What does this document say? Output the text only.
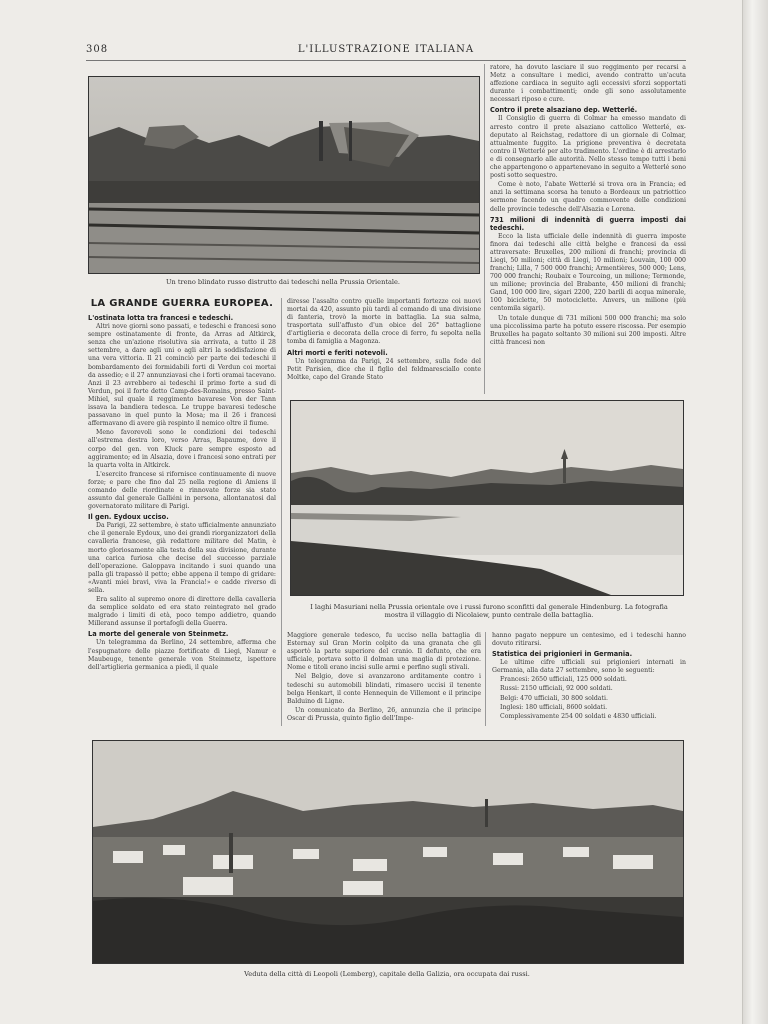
308	L'ILLUSTRAZIONE ITALIANA
Un treno blindato russo distrutto dai tedeschi nella Prussia Orientale.

ratore, ha dovuto lasciare il suo reggimento per recarsi a Metz a consultare i medici, avendo contratto un'acuta affezione cardiaca in seguito agli eccessivi sforzi sopportati durante i combattimenti; onde gli sono assolutamente necessari riposo e cure.

Contro il prete alsaziano dep. Wetterlé.

Il Consiglio di guerra di Colmar ha emesso mandato di arresto contro il prete alsaziano cattolico Wetterlé, ex-deputato al Reichstag, redattore di un giornale di Colmar, attualmente fuggito. La prigione preventiva è decretata contro il Wetterlé per alto tradimento. L'ordine è di arrestarlo e di consegnarlo alle autorità. Nello stesso tempo tutti i beni che appartengono o appartenevano in seguito a Wetterlé sono posti sotto sequestro.

Come è noto, l'abate Wetterlé si trova ora in Francia; ed anzi la settimana scorsa ha tenuto a Bordeaux un patriottico sermone facendo un quadro commovente delle condizioni delle provincie tedesche dell'Alsazia e Lorena.

731 milioni di indennità di guerra imposti dai tedeschi.

Ecco la lista ufficiale delle indennità di guerra imposte finora dai tedeschi alle città belghe e francesi da essi attraversate: Bruxelles, 200 milioni di franchi; provincia di Liegi, 50 milioni; città di Liegi, 10 milioni; Louvain, 100 000 franchi; Lilla, 7 500 000 franchi; Armentières, 500 000; Lens, 700 000 franchi; Roubaix e Tourcoing, un milione; Termonde, un milione; provincia del Brabante, 450 milioni di franchi; Gand, 100 000 lire, sigari 2200, 220 barili di acqua minerale, 100 biciclette, 50 motociclette. Anvers, un milione (più centomila sigari).

Un totale dunque di 731 milioni 500 000 franchi; ma solo una piccolissima parte ha potuto essere riscossa. Per esempio Bruxelles ha pagato soltanto 30 milioni sui 200 imposti. Altre città francesi non

LA GRANDE GUERRA EUROPEA.
L'ostinata lotta tra francesi e tedeschi.

Altri nove giorni sono passati, e tedeschi e francesi sono sempre ostinatamente di fronte, da Arras ad Altkirck, senza che un'azione risolutiva sia arrivata, a tutto il 28 settembre, a dare agli uni o agli altri la soddisfazione di una vera vittoria. Il 21 cominciò per parte dei tedeschi il bombardamento dei formidabili forti di Verdun coi mortai da assedio; e il 27 annunziavasi che i forti oramai tacevano. Anzi il 23 avrebbero ai tedeschi il primo forte a sud di Verdun, poi il forte detto Camp-des-Romains, presso Saint-Mihiel, sul quale il reggimento bavarese Von der Tann issava la bandiera tedesca. Le truppe bavaresi tedesche passavano in quel punto la Mosa; ma il 26 i francesi affermavano di avere già respinto il nemico oltre il fiume.

Meno favorevoli sono le condizioni dei tedeschi all'estrema destra loro, verso Arras, Bapaume, dove il corpo del gen. von Kluck pare sempre esposto ad aggiramento; ed in Alsazia, dove i francesi sono entrati per la quarta volta in Altkirck.

L'esercito francese si rifornisce continuamente di nuove forze; e pare che fino dal 25 nella regione di Amiens il comando delle riordinate e rinnovate forze sia stato assunto dal generale Galliéni in persona, allontanatosi dal governatorato militare di Parigi.

Il gen. Eydoux ucciso.

Da Parigi, 22 settembre, è stato ufficialmente annunziato che il generale Eydoux, uno dei grandi riorganizzatori della cavalleria francese, già redattore militare del Matin, è morto gloriosamente alla testa della sua divisione, durante una carica furiosa che decise del successo parziale dell'operazione. Galoppava incitando i suoi quando una palla gli trapassò il petto; ebbe appena il tempo di gridare: «Avanti miei bravi, viva la Francia!» e cadde riverso di sella.

Era salito al supremo onore di direttore della cavalleria da semplice soldato ed era stato reintegrato nel grado malgrado i limiti di età, poco tempo addietro, quando Millerand assunse il portafogli della Guerra.

La morte del generale von Steinmetz.

Un telegramma da Berlino, 24 settembre, afferma che l'espugnatore delle piazze fortificate di Liegi, Namur e Maubeuge, tenente generale von Steinmetz, ispettore dell'artiglieria germanica a piedi, il quale

diresse l'assalto contro quelle importanti fortezze coi nuovi mortai da 420, assunto più tardi al comando di una divisione di fanteria, trovò la morte in battaglia. La sua salma, trasportata sull'affusto d'un obice del 26° battaglione d'artiglieria e decorata della croce di ferro, fu sepolta nella tomba di famiglia a Magonza.

Altri morti e feriti notevoli.

Un telegramma da Parigi, 24 settembre, sulla fede del Petit Parisien, dice che il figlio del feldmaresciallo conte Moltke, capo del Grande Stato

I laghi Masuriani nella Prussia orientale ove i russi furono sconfitti dal generale Hindenburg. La fotografia mostra il villaggio di Nicolaiew, punto centrale della battaglia.

Maggiore generale tedesco, fu ucciso nella battaglia di Esternay sul Gran Morin colpito da una granata che gli asportò la parte superiore del cranio. Il defunto, che era ufficiale, portava sotto il dolman una maglia di protezione. Nome e titoli erano incisi sulle armi e perfino sugli stivali.

Nel Belgio, dove si avanzarono arditamente contro i tedeschi su automobili blindati, rimasero uccisi il tenente belga Henkart, il conte Hennequin de Villemont e il principe Balduino di Ligne.

Un comunicato da Berlino, 26, annunzia che il principe Oscar di Prussia, quinto figlio dell'Impe-

hanno pagato neppure un centesimo, ed i tedeschi hanno dovuto ritirarsi.

Statistica dei prigionieri in Germania.

Le ultime cifre ufficiali sui prigionieri internati in Germania, alla data 27 settembre, sono le seguenti:

Francesi: 2650 ufficiali, 125 000 soldati.

Russi: 2150 ufficiali, 92 000 soldati.

Belgi: 470 ufficiali, 30 800 soldati.

Inglesi: 180 ufficiali, 8600 soldati.

Complessivamente 254 00 soldati e 4830 ufficiali.

Veduta della città di Leopoli (Lemberg), capitale della Galizia, ora occupata dai russi.
